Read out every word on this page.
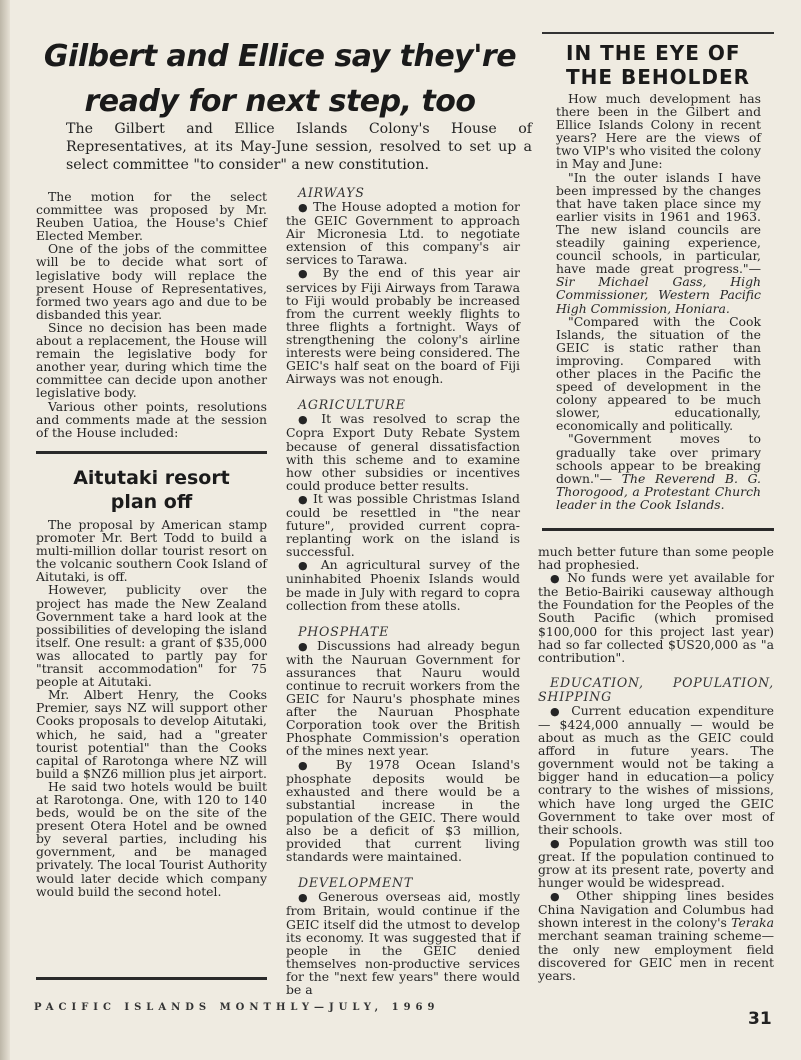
Gilbert and Ellice say they're
ready for next step, too
The Gilbert and Ellice Islands Colony's House of Representatives, at its May-June session, resolved to set up a select committee "to consider" a new constitution.

The motion for the select committee was proposed by Mr. Reuben Uatioa, the House's Chief Elected Member.

One of the jobs of the committee will be to decide what sort of legislative body will replace the present House of Representatives, formed two years ago and due to be disbanded this year.

Since no decision has been made about a replacement, the House will remain the legislative body for another year, during which time the committee can decide upon another legislative body.

Various other points, resolutions and comments made at the session of the House included:

Aitutaki resort
plan off

The proposal by American stamp promoter Mr. Bert Todd to build a multi-million dollar tourist resort on the volcanic southern Cook Island of Aitutaki, is off.

However, publicity over the project has made the New Zealand Government take a hard look at the possibilities of developing the island itself. One result: a grant of $35,000 was allocated to partly pay for "transit accommodation" for 75 people at Aitutaki.

Mr. Albert Henry, the Cooks Premier, says NZ will support other Cooks proposals to develop Aitutaki, which, he said, had a "greater tourist potential" than the Cooks capital of Rarotonga where NZ will build a $NZ6 million plus jet airport.

He said two hotels would be built at Rarotonga. One, with 120 to 140 beds, would be on the site of the present Otera Hotel and be owned by several parties, including his government, and be managed privately. The local Tourist Authority would later decide which company would build the second hotel.

AIRWAYS

● The House adopted a motion for the GEIC Government to approach Air Micronesia Ltd. to negotiate extension of this company's air services to Tarawa.

● By the end of this year air services by Fiji Airways from Tarawa to Fiji would probably be increased from the current weekly flights to three flights a fortnight. Ways of strengthening the colony's airline interests were being considered. The GEIC's half seat on the board of Fiji Airways was not enough.

AGRICULTURE

● It was resolved to scrap the Copra Export Duty Rebate System because of general dissatisfaction with this scheme and to examine how other subsidies or incentives could produce better results.

● It was possible Christmas Island could be resettled in "the near future", provided current copra-replanting work on the island is successful.

● An agricultural survey of the uninhabited Phoenix Islands would be made in July with regard to copra collection from these atolls.

PHOSPHATE

● Discussions had already begun with the Nauruan Government for assurances that Nauru would continue to recruit workers from the GEIC for Nauru's phosphate mines after the Nauruan Phosphate Corporation took over the British Phosphate Commission's operation of the mines next year.

● By 1978 Ocean Island's phosphate deposits would be exhausted and there would be a substantial increase in the population of the GEIC. There would also be a deficit of $3 million, provided that current living standards were maintained.

DEVELOPMENT

● Generous overseas aid, mostly from Britain, would continue if the GEIC itself did the utmost to develop its economy. It was suggested that if people in the GEIC denied themselves non-productive services for the "next few years" there would be a

IN THE EYE OF
THE BEHOLDER

How much development has there been in the Gilbert and Ellice Islands Colony in recent years? Here are the views of two VIP's who visited the colony in May and June:

"In the outer islands I have been impressed by the changes that have taken place since my earlier visits in 1961 and 1963. The new island councils are steadily gaining experience, council schools, in particular, have made great progress."— Sir Michael Gass, High Commissioner, Western Pacific High Commission, Honiara.

"Compared with the Cook Islands, the situation of the GEIC is static rather than improving. Compared with other places in the Pacific the speed of development in the colony appeared to be much slower, educationally, economically and politically.

"Government moves to gradually take over primary schools appear to be breaking down."— The Reverend B. G. Thorogood, a Protestant Church leader in the Cook Islands.

much better future than some people had prophesied.

● No funds were yet available for the Betio-Bairiki causeway although the Foundation for the Peoples of the South Pacific (which promised $100,000 for this project last year) had so far collected $US20,000 as "a contribution".

EDUCATION, POPULATION, SHIPPING

● Current education expenditure — $424,000 annually — would be about as much as the GEIC could afford in future years. The government would not be taking a bigger hand in education—a policy contrary to the wishes of missions, which have long urged the GEIC Government to take over most of their schools.

● Population growth was still too great. If the population continued to grow at its present rate, poverty and hunger would be widespread.

● Other shipping lines besides China Navigation and Columbus had shown interest in the colony's Teraka merchant seaman training scheme—the only new employment field discovered for GEIC men in recent years.

PACIFIC ISLANDS MONTHLY—JULY, 1969
31
